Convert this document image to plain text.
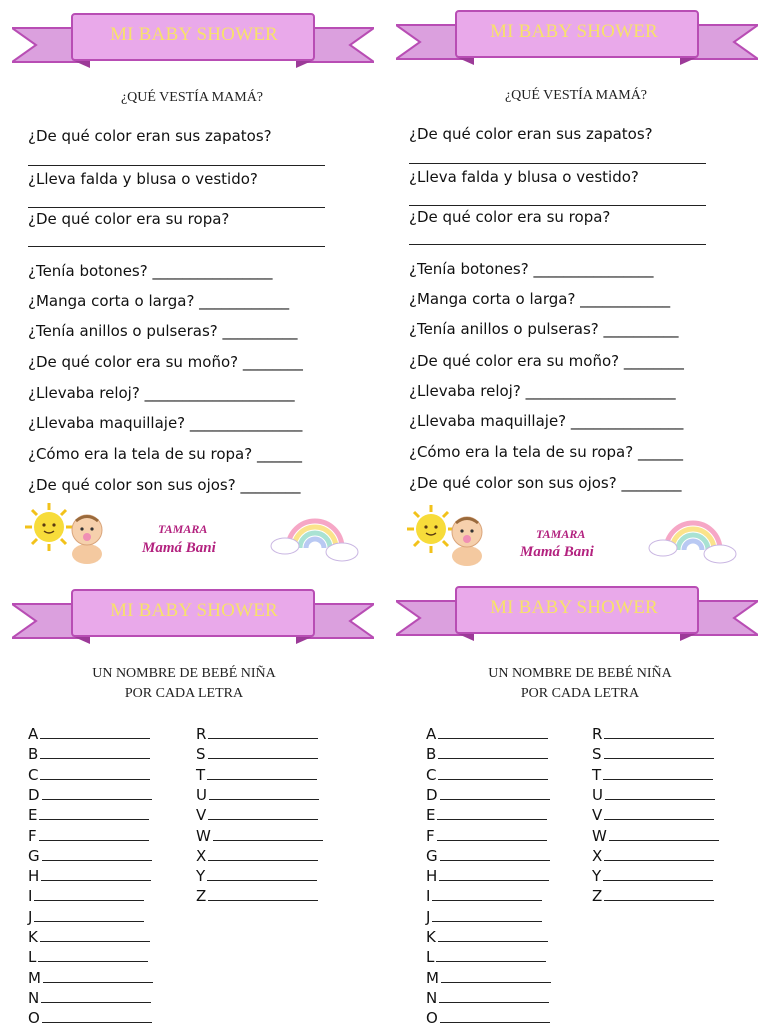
MI BABY SHOWER
¿QUÉ VESTÍA MAMÁ?
¿De qué color eran sus zapatos?
¿Lleva falda y blusa o vestido?
¿De qué color era su ropa?
¿Tenía botones? ________________
¿Manga corta o larga? ____________
¿Tenía anillos o pulseras? __________
¿De qué color era su moño? ________
¿Llevaba reloj? ____________________
¿Llevaba maquillaje? _______________
¿Cómo era la tela de su ropa? ______
¿De qué color son sus ojos? ________
TAMARA
Mamá Bani
MI BABY SHOWER
¿QUÉ VESTÍA MAMÁ?
¿De qué color eran sus zapatos?
¿Lleva falda y blusa o vestido?
¿De qué color era su ropa?
¿Tenía botones? ________________
¿Manga corta o larga? ____________
¿Tenía anillos o pulseras? __________
¿De qué color era su moño? ________
¿Llevaba reloj? ____________________
¿Llevaba maquillaje? _______________
¿Cómo era la tela de su ropa? ______
¿De qué color son sus ojos? ________
TAMARA
Mamá Bani
MI BABY SHOWER
UN NOMBRE DE BEBÉ NIÑA
POR CADA LETRA
A
B
C
D
E
F
G
H
I
J
K
L
M
N
O
R
S
T
U
V
W
X
Y
Z
MI BABY SHOWER
UN NOMBRE DE BEBÉ NIÑA
POR CADA LETRA
A
B
C
D
E
F
G
H
I
J
K
L
M
N
O
R
S
T
U
V
W
X
Y
Z
